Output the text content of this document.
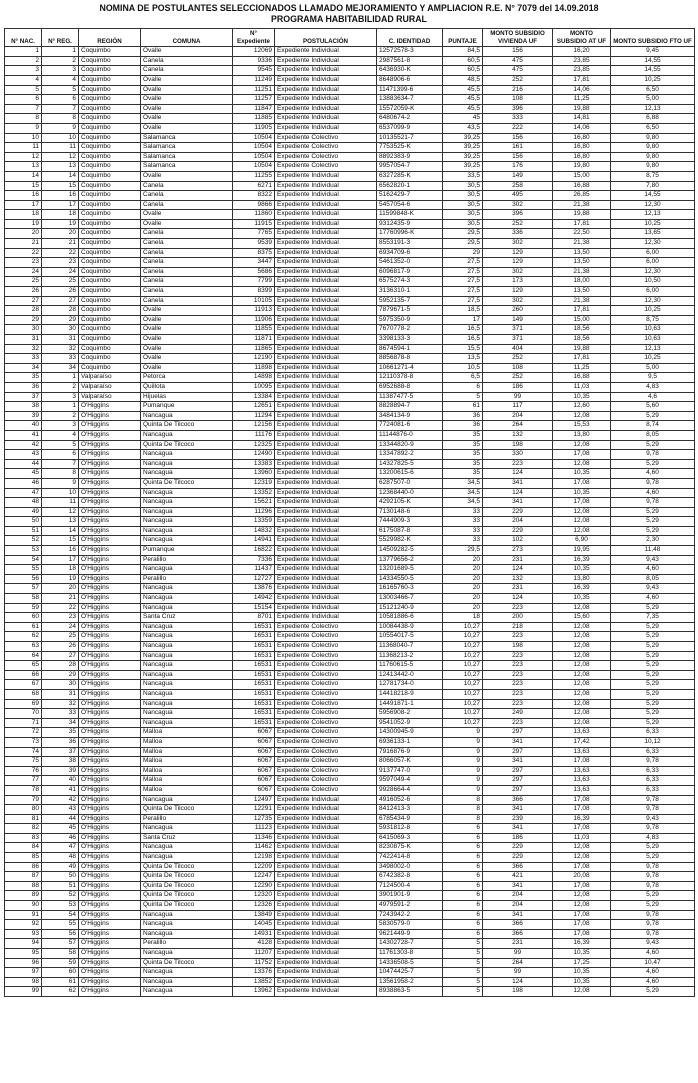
NOMINA DE POSTULANTES SELECCIONADOS LLAMADO MEJORAMIENTO Y AMPLIACION R.E. N° 7079 del 14.09.2018
PROGRAMA HABITABILIDAD RURAL
N° NAC.	N° REG.	REGIÓN	COMUNA	N° Expediente	POSTULACIÓN	C. IDENTIDAD	PUNTAJE	MONTO SUBSIDIO VIVIENDA UF	MONTO SUBSIDIO AT UF	MONTO SUBSIDIO FTO UF
1	1	Coquimbo	Ovalle	12069	Expediente Individual	12572578-3	84,5	156	16,20	9,45
2	2	Coquimbo	Canela	9336	Expediente Individual	2987561-8	60,5	475	23,85	14,55
3	3	Coquimbo	Canela	9545	Expediente Individual	6436930-K	60,5	475	23,85	14,55
4	4	Coquimbo	Ovalle	11249	Expediente Individual	8648906-6	48,5	252	17,81	10,25
5	5	Coquimbo	Ovalle	11251	Expediente Individual	11471399-6	45,5	216	14,06	6,50
6	6	Coquimbo	Ovalle	11257	Expediente Individual	13883634-7	45,5	108	11,25	5,00
7	7	Coquimbo	Ovalle	11847	Expediente Individual	15572059-K	45,5	396	19,88	12,13
8	8	Coquimbo	Ovalle	11885	Expediente Individual	6480674-2	45	333	14,81	6,88
9	9	Coquimbo	Ovalle	11905	Expediente Individual	6537099-9	43,5	222	14,06	6,50
10	10	Coquimbo	Salamanca	10504	Expediente Colectivo	10135521-7	39,25	156	16,80	9,80
11	11	Coquimbo	Salamanca	10504	Expediente Colectivo	7753525-K	39,25	161	16,80	9,80
12	12	Coquimbo	Salamanca	10504	Expediente Colectivo	8892383-9	39,25	156	16,80	9,80
13	13	Coquimbo	Salamanca	10504	Expediente Colectivo	9957054-7	39,25	176	19,80	9,80
14	14	Coquimbo	Ovalle	11255	Expediente Individual	6327285-K	33,5	149	15,00	8,75
15	15	Coquimbo	Canela	6271	Expediente Individual	6562820-1	30,5	258	16,88	7,80
16	16	Coquimbo	Canela	8322	Expediente Individual	5162429-7	30,5	495	26,85	14,55
17	17	Coquimbo	Canela	9866	Expediente Individual	5457054-6	30,5	302	21,38	12,30
18	18	Coquimbo	Ovalle	11860	Expediente Individual	11599848-K	30,5	396	19,88	12,13
19	19	Coquimbo	Ovalle	11915	Expediente Individual	9312435-9	30,5	252	17,81	10,25
20	20	Coquimbo	Canela	7765	Expediente Individual	17760996-K	29,5	336	22,50	13,65
21	21	Coquimbo	Canela	9539	Expediente Individual	8553191-3	29,5	302	21,38	12,30
22	22	Coquimbo	Canela	8375	Expediente Individual	6934709-6	29	129	13,50	6,00
23	23	Coquimbo	Canela	3447	Expediente Individual	5461352-0	27,5	129	13,50	6,00
24	24	Coquimbo	Canela	5686	Expediente Individual	6096817-9	27,5	302	21,38	12,30
25	25	Coquimbo	Canela	7799	Expediente Individual	6575274-3	27,5	173	18,00	10,50
26	26	Coquimbo	Canela	8399	Expediente Individual	3136310-1	27,5	129	13,50	6,00
27	27	Coquimbo	Canela	10105	Expediente Individual	5952135-7	27,5	302	21,38	12,30
28	28	Coquimbo	Ovalle	11913	Expediente Individual	7879671-5	18,5	260	17,81	10,25
29	29	Coquimbo	Ovalle	11906	Expediente Individual	5975350-9	17	149	15,00	8,75
30	30	Coquimbo	Ovalle	11855	Expediente Individual	7670778-2	16,5	371	18,56	10,63
31	31	Coquimbo	Ovalle	11871	Expediente Individual	3398133-3	16,5	371	18,56	10,63
32	32	Coquimbo	Ovalle	11865	Expediente Individual	8674594-1	15,5	404	19,88	12,13
33	33	Coquimbo	Ovalle	12190	Expediente Individual	8856878-8	13,5	252	17,81	10,25
34	34	Coquimbo	Ovalle	11898	Expediente Individual	10661271-4	10,5	108	11,25	5,00
35	1	Valparaíso	Petorca	14898	Expediente Individual	12110378-8	6,5	252	16,88	9,5
36	2	Valparaíso	Quillota	10095	Expediente Individual	6952688-8	6	186	11,03	4,83
37	3	Valparaíso	Hijuelas	13384	Expediente Individual	11387477-5	5	99	10,35	4,6
38	1	O'Higgins	Pumanque	12651	Expediente Individual	8828894-7	61	117	12,60	5,60
39	2	O'Higgins	Nancagua	11294	Expediente Individual	3484134-9	36	204	12,08	5,29
40	3	O'Higgins	Quinta De Tilcoco	12156	Expediente Individual	7724081-6	36	264	15,53	8,74
41	4	O'Higgins	Nancagua	11176	Expediente Individual	11144876-0	35	132	13,80	8,05
42	5	O'Higgins	Quinta De Tilcoco	12325	Expediente Individual	13344820-9	35	198	12,08	5,29
43	6	O'Higgins	Nancagua	12490	Expediente Individual	13347892-2	35	330	17,08	9,78
44	7	O'Higgins	Nancagua	13383	Expediente Individual	14327825-5	35	223	12,08	5,29
45	8	O'Higgins	Nancagua	13960	Expediente Individual	13200615-6	35	124	10,35	4,60
46	9	O'Higgins	Quinta De Tilcoco	12319	Expediente Individual	6287507-0	34,5	341	17,08	9,78
47	10	O'Higgins	Nancagua	13352	Expediente Individual	12368440-0	34,5	124	10,35	4,60
48	11	O'Higgins	Nancagua	15621	Expediente Individual	4292105-K	34,5	341	17,08	9,78
49	12	O'Higgins	Nancagua	11296	Expediente Individual	7130148-6	33	229	12,08	5,29
50	13	O'Higgins	Nancagua	13359	Expediente Individual	7444909-3	33	204	12,08	5,29
51	14	O'Higgins	Nancagua	14832	Expediente Individual	6175087-8	33	229	12,08	5,29
52	15	O'Higgins	Nancagua	14941	Expediente Individual	5529982-K	33	102	6,90	2,30
53	16	O'Higgins	Pumanque	16822	Expediente Individual	14509282-5	29,5	273	19,95	11,48
54	17	O'Higgins	Peralillo	7336	Expediente Individual	13779656-2	20	231	16,39	9,43
55	18	O'Higgins	Nancagua	11437	Expediente Individual	13201689-5	20	124	10,35	4,60
56	19	O'Higgins	Peralillo	12727	Expediente Individual	14334550-5	20	132	13,80	8,05
57	20	O'Higgins	Nancagua	13876	Expediente Individual	16165760-3	20	231	16,39	9,43
58	21	O'Higgins	Nancagua	14942	Expediente Individual	13003466-7	20	124	10,35	4,60
59	22	O'Higgins	Nancagua	15154	Expediente Individual	15121240-9	20	223	12,08	5,29
60	23	O'Higgins	Santa Cruz	8701	Expediente Individual	10581886-6	18	200	15,60	7,35
61	24	O'Higgins	Nancagua	16531	Expediente Colectivo	10084438-9	10,27	218	12,08	5,29
62	25	O'Higgins	Nancagua	16531	Expediente Colectivo	10554017-5	10,27	223	12,08	5,29
63	26	O'Higgins	Nancagua	16531	Expediente Colectivo	11368040-7	10,27	198	12,08	5,29
64	27	O'Higgins	Nancagua	16531	Expediente Colectivo	11368213-2	10,27	223	12,08	5,29
65	28	O'Higgins	Nancagua	16531	Expediente Colectivo	11760615-5	10,27	223	12,08	5,29
66	29	O'Higgins	Nancagua	16531	Expediente Colectivo	12413442-0	10,27	223	12,08	5,29
67	30	O'Higgins	Nancagua	16531	Expediente Colectivo	12781734-0	10,27	223	12,08	5,29
68	31	O'Higgins	Nancagua	16531	Expediente Colectivo	14418218-9	10,27	223	12,08	5,29
69	32	O'Higgins	Nancagua	16531	Expediente Colectivo	14491871-1	10,27	223	12,08	5,29
70	33	O'Higgins	Nancagua	16531	Expediente Colectivo	5956908-2	10,27	249	12,08	5,29
71	34	O'Higgins	Nancagua	16531	Expediente Colectivo	9541052-9	10,27	223	12,08	5,29
72	35	O'Higgins	Malloa	6067	Expediente Colectivo	14300945-9	9	297	13,63	6,33
73	36	O'Higgins	Malloa	6067	Expediente Colectivo	6936133-1	9	341	17,42	10,12
74	37	O'Higgins	Malloa	6067	Expediente Colectivo	7916876-9	9	297	13,63	6,33
75	38	O'Higgins	Malloa	6067	Expediente Colectivo	8066057-K	9	341	17,08	9,78
76	39	O'Higgins	Malloa	6067	Expediente Colectivo	9137747-0	9	297	13,63	6,33
77	40	O'Higgins	Malloa	6067	Expediente Colectivo	9597049-4	9	297	13,63	6,33
78	41	O'Higgins	Malloa	6067	Expediente Colectivo	9928664-4	9	297	13,63	6,33
79	42	O'Higgins	Nancagua	12497	Expediente Individual	4916052-6	8	366	17,08	9,78
80	43	O'Higgins	Quinta De Tilcoco	12291	Expediente Individual	8412413-3	8	341	17,08	9,78
81	44	O'Higgins	Peralillo	12735	Expediente Individual	6785434-9	8	239	16,39	9,43
82	45	O'Higgins	Nancagua	11123	Expediente Individual	5931812-8	6	341	17,08	9,78
83	46	O'Higgins	Santa Cruz	11346	Expediente Individual	6415069-3	6	186	11,03	4,83
84	47	O'Higgins	Nancagua	11462	Expediente Individual	8230875-K	6	229	12,08	5,29
85	48	O'Higgins	Nancagua	12198	Expediente Individual	7422414-8	6	229	12,08	5,29
86	49	O'Higgins	Quinta De Tilcoco	12209	Expediente Individual	3498002-0	6	366	17,08	9,78
87	50	O'Higgins	Quinta De Tilcoco	12247	Expediente Individual	6742382-8	6	421	20,08	9,78
88	51	O'Higgins	Quinta De Tilcoco	12290	Expediente Individual	7124500-4	6	341	17,08	9,78
89	52	O'Higgins	Quinta De Tilcoco	12320	Expediente Individual	3901901-9	6	204	12,08	5,29
90	53	O'Higgins	Quinta De Tilcoco	12326	Expediente Individual	4979591-2	6	204	12,08	5,29
91	54	O'Higgins	Nancagua	13849	Expediente Individual	7243942-2	6	341	17,08	9,78
92	55	O'Higgins	Nancagua	14045	Expediente Individual	5830579-0	6	366	17,08	9,78
93	56	O'Higgins	Nancagua	14931	Expediente Individual	9621449-9	6	366	17,08	9,78
94	57	O'Higgins	Peralillo	4128	Expediente Individual	14302728-7	5	231	16,39	9,43
95	58	O'Higgins	Nancagua	11207	Expediente Individual	11761303-8	5	99	10,35	4,60
96	59	O'Higgins	Quinta De Tilcoco	11752	Expediente Individual	14336508-5	5	264	17,25	10,47
97	60	O'Higgins	Nancagua	13376	Expediente Individual	10474425-7	5	99	10,35	4,60
98	61	O'Higgins	Nancagua	13852	Expediente Individual	13561958-2	5	124	10,35	4,60
99	62	O'Higgins	Nancagua	13962	Expediente Individual	8938863-5	5	198	12,08	5,29
